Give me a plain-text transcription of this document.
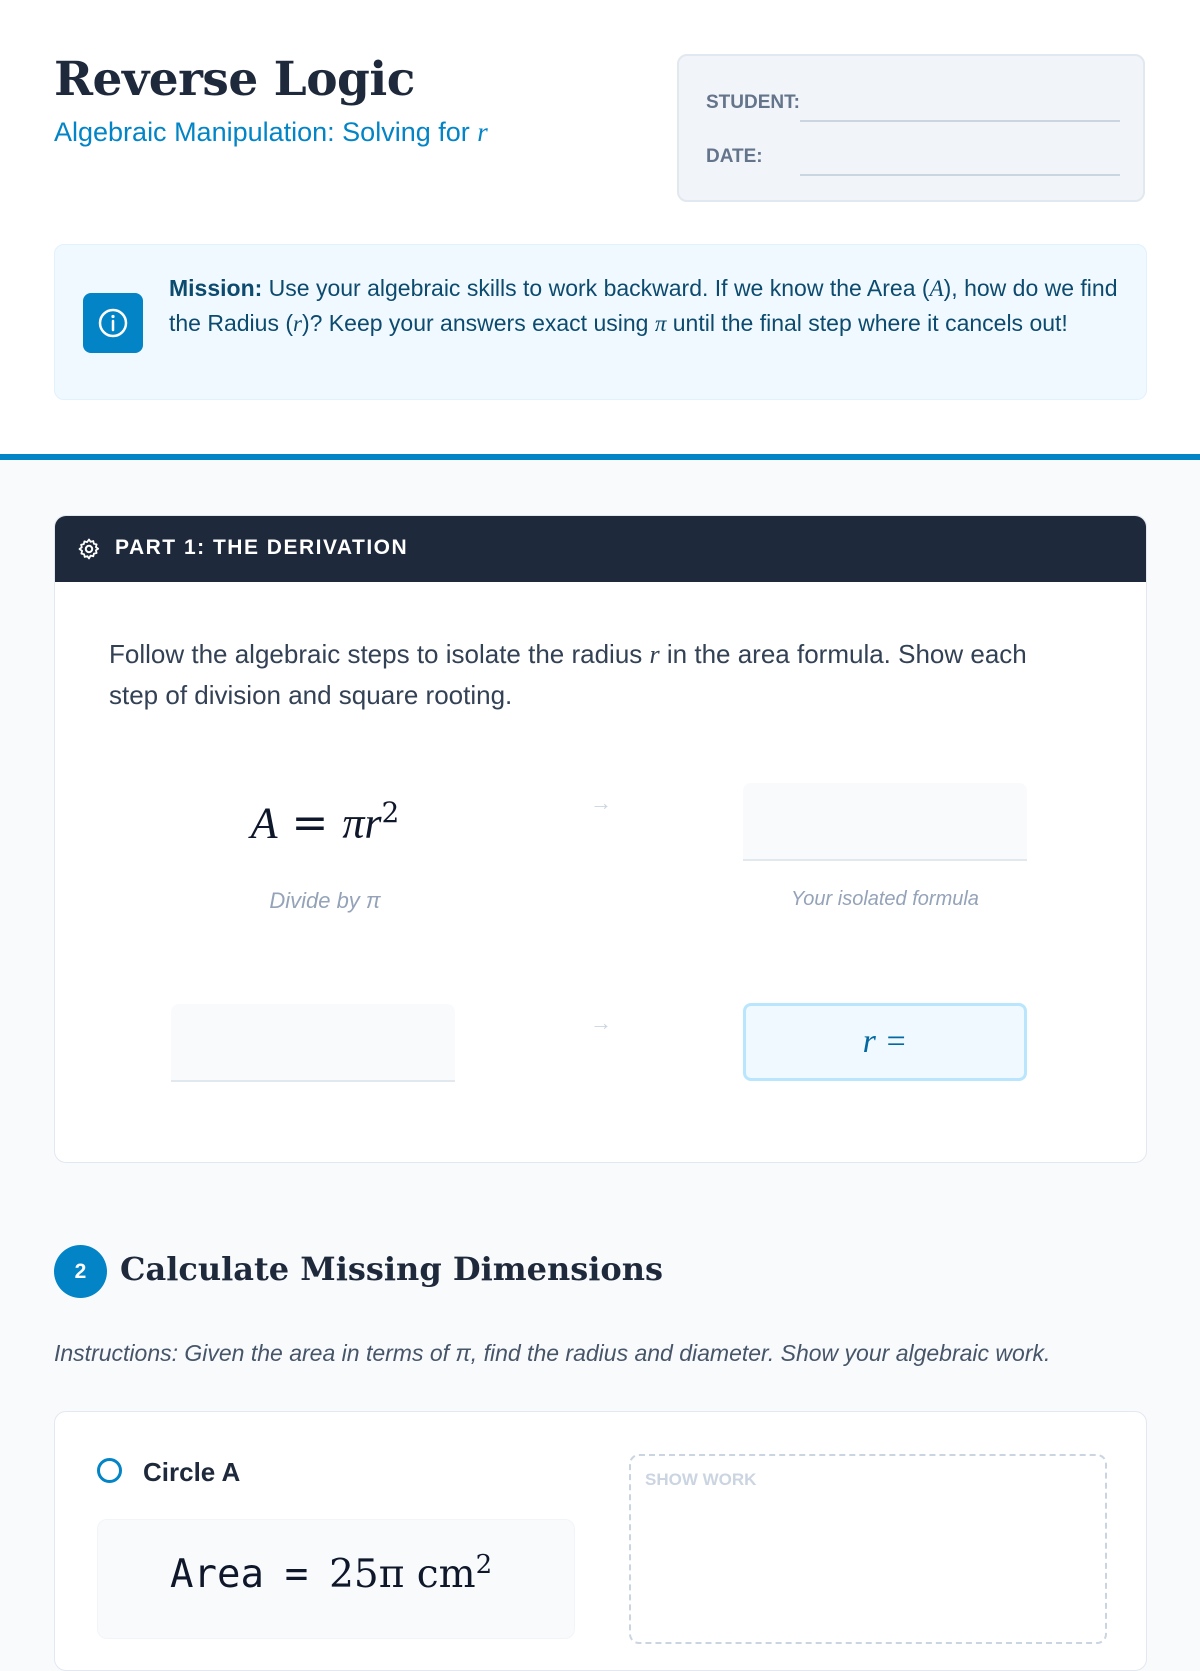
Reverse Logic
Algebraic Manipulation: Solving for r
STUDENT:
DATE:
Mission: Use your algebraic skills to work backward. If we know the Area (A), how do we find the Radius (r)? Keep your answers exact using π until the final step where it cancels out!
PART 1: THE DERIVATION
Follow the algebraic steps to isolate the radius r in the area formula. Show each step of division and square rooting.
$A = \pi r^2$	→
Divide by π	Your isolated formula
→
r =
2	Calculate Missing Dimensions
Instructions: Given the area in terms of π, find the radius and diameter. Show your algebraic work.
Circle A
Area = 25π $cm^2$
SHOW WORK
